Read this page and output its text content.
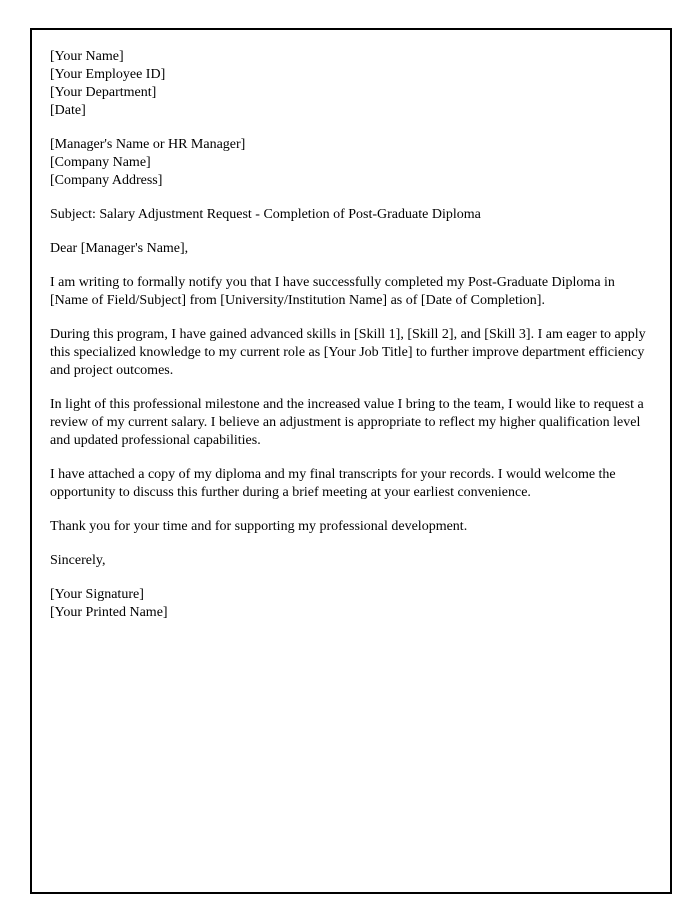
[Your Name]
[Your Employee ID]
[Your Department]
[Date]
[Manager's Name or HR Manager]
[Company Name]
[Company Address]

Subject: Salary Adjustment Request - Completion of Post-Graduate Diploma

Dear [Manager's Name],

I am writing to formally notify you that I have successfully completed my Post-Graduate Diploma in [Name of Field/Subject] from [University/Institution Name] as of [Date of Completion].

During this program, I have gained advanced skills in [Skill 1], [Skill 2], and [Skill 3]. I am eager to apply this specialized knowledge to my current role as [Your Job Title] to further improve department efficiency and project outcomes.

In light of this professional milestone and the increased value I bring to the team, I would like to request a review of my current salary. I believe an adjustment is appropriate to reflect my higher qualification level and updated professional capabilities.

I have attached a copy of my diploma and my final transcripts for your records. I would welcome the opportunity to discuss this further during a brief meeting at your earliest convenience.

Thank you for your time and for supporting my professional development.

Sincerely,

[Your Signature]
[Your Printed Name]
